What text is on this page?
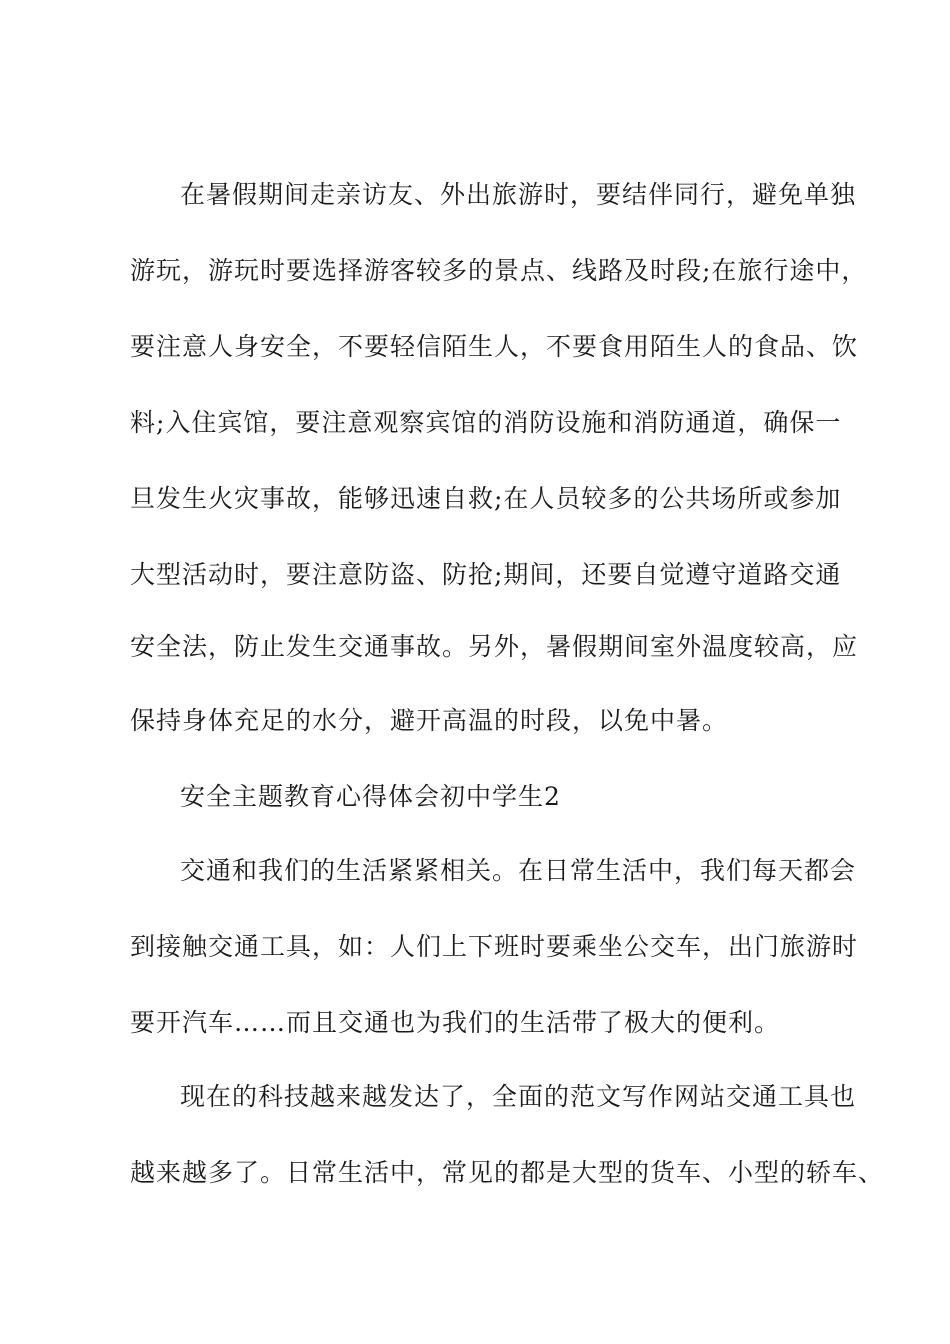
在暑假期间走亲访友、外出旅游时，要结伴同行，避免单独
游玩，游玩时要选择游客较多的景点、线路及时段;在旅行途中，
要注意人身安全，不要轻信陌生人，不要食用陌生人的食品、饮
料;入住宾馆，要注意观察宾馆的消防设施和消防通道，确保一
旦发生火灾事故，能够迅速自救;在人员较多的公共场所或参加
大型活动时，要注意防盗、防抢;期间，还要自觉遵守道路交通
安全法，防止发生交通事故。另外，暑假期间室外温度较高，应
保持身体充足的水分，避开高温的时段，以免中暑。
安全主题教育心得体会初中学生2
交通和我们的生活紧紧相关。在日常生活中，我们每天都会
到接触交通工具，如：人们上下班时要乘坐公交车，出门旅游时
要开汽车……而且交通也为我们的生活带了极大的便利。
现在的科技越来越发达了，全面的范文写作网站交通工具也
越来越多了。日常生活中，常见的都是大型的货车、小型的轿车、
